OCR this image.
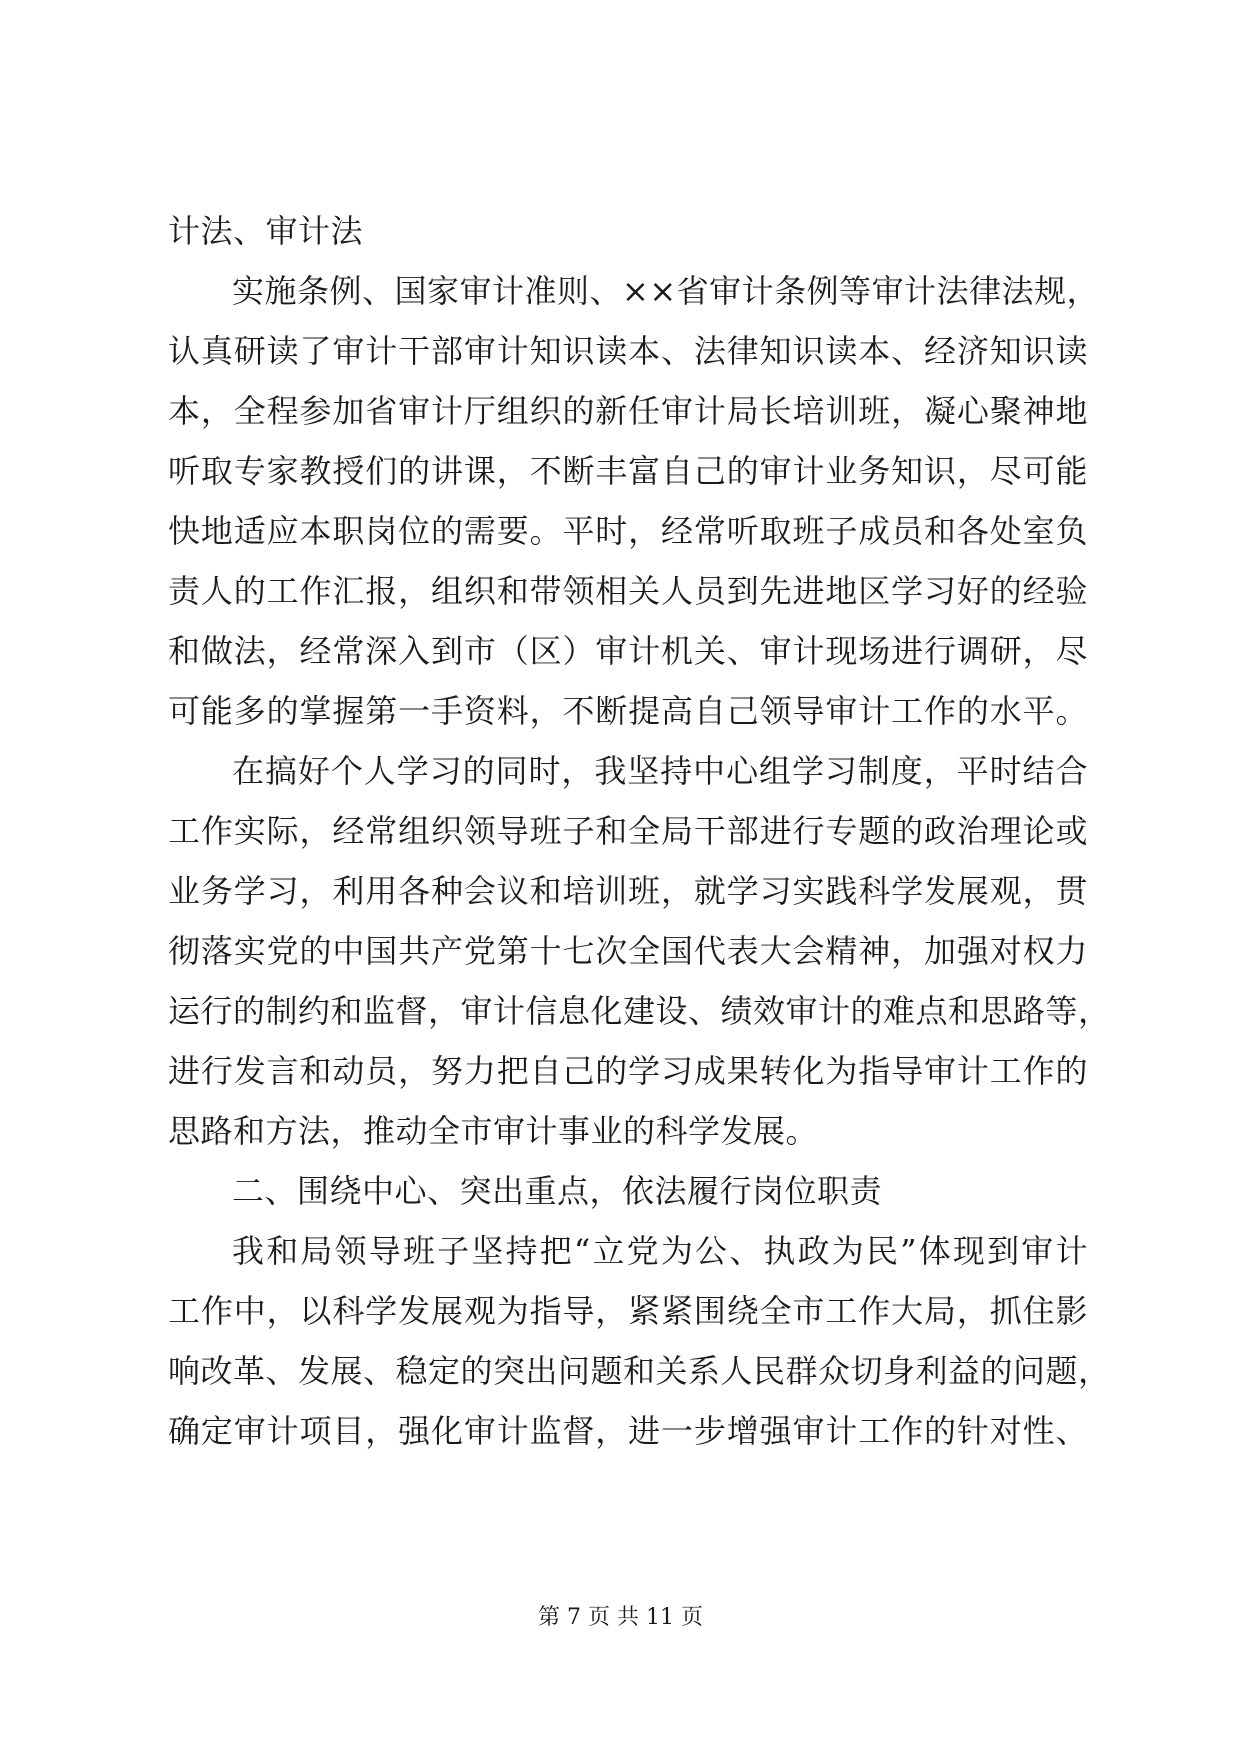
计法、审计法
实施条例、国家审计准则、××省审计条例等审计法律法规，
认真研读了审计干部审计知识读本、法律知识读本、经济知识读
本，全程参加省审计厅组织的新任审计局长培训班，凝心聚神地
听取专家教授们的讲课，不断丰富自己的审计业务知识，尽可能
快地适应本职岗位的需要。平时，经常听取班子成员和各处室负
责人的工作汇报，组织和带领相关人员到先进地区学习好的经验
和做法，经常深入到市（区）审计机关、审计现场进行调研，尽
可能多的掌握第一手资料，不断提高自己领导审计工作的水平。
在搞好个人学习的同时，我坚持中心组学习制度，平时结合
工作实际，经常组织领导班子和全局干部进行专题的政治理论或
业务学习，利用各种会议和培训班，就学习实践科学发展观，贯
彻落实党的中国共产党第十七次全国代表大会精神，加强对权力
运行的制约和监督，审计信息化建设、绩效审计的难点和思路等，
进行发言和动员，努力把自己的学习成果转化为指导审计工作的
思路和方法，推动全市审计事业的科学发展。
二、围绕中心、突出重点，依法履行岗位职责
我和局领导班子坚持把“立党为公、执政为民”体现到审计
工作中，以科学发展观为指导，紧紧围绕全市工作大局，抓住影
响改革、发展、稳定的突出问题和关系人民群众切身利益的问题，
确定审计项目，强化审计监督，进一步增强审计工作的针对性、
第 7 页 共 11 页
